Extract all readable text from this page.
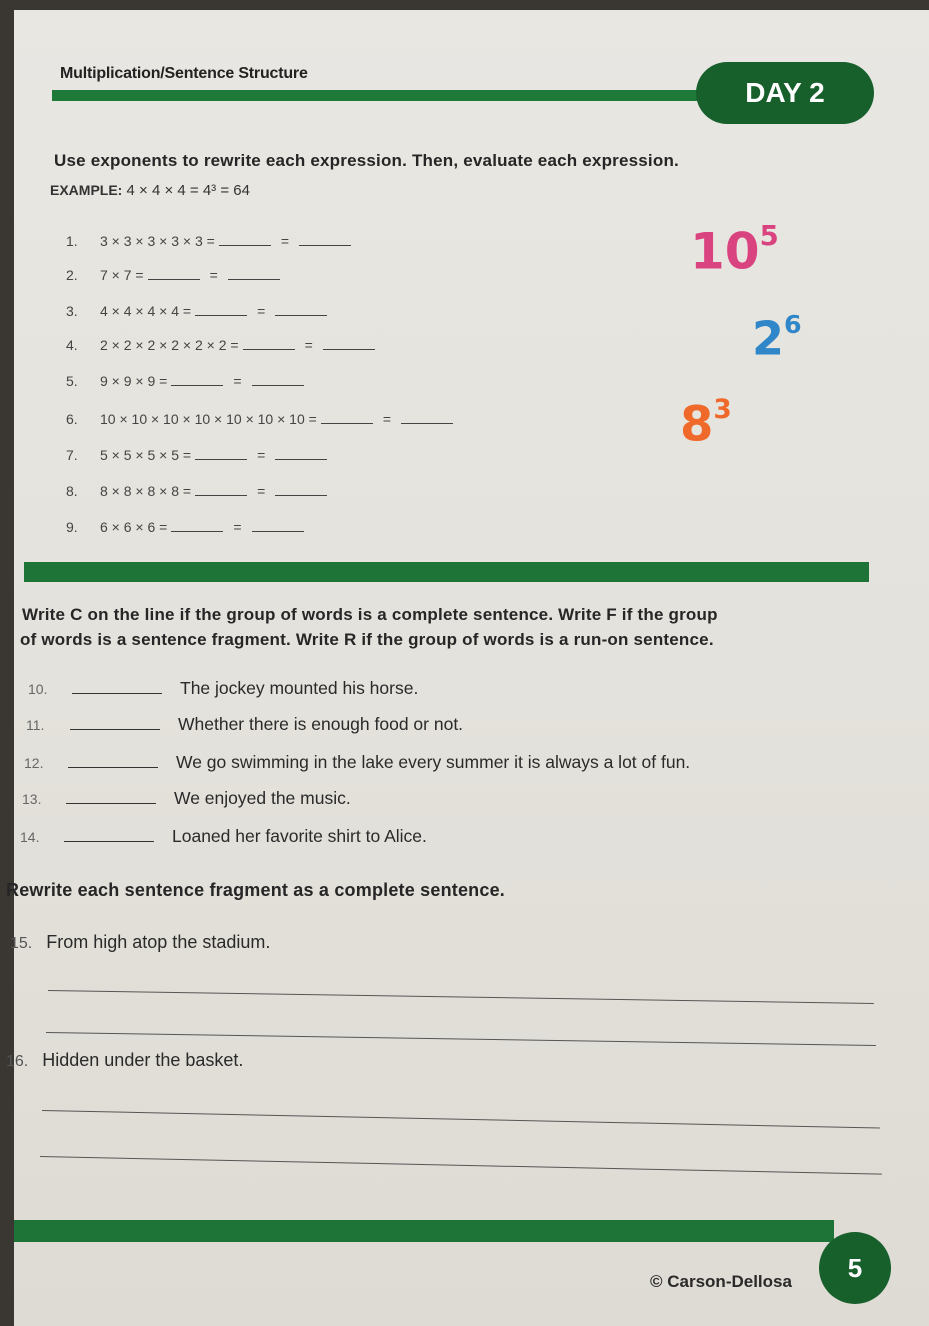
Multiplication/Sentence Structure
DAY 2
Use exponents to rewrite each expression. Then, evaluate each expression.
EXAMPLE: 4 × 4 × 4 = 4³ = 64
1.	3 × 3 × 3 × 3 × 3 =	=
2.	7 × 7 =	=
3.	4 × 4 × 4 × 4 =	=
4.	2 × 2 × 2 × 2 × 2 × 2 =	=
5.	9 × 9 × 9 =	=
6.	10 × 10 × 10 × 10 × 10 × 10 × 10 =	=
7.	5 × 5 × 5 × 5 =	=
8.	8 × 8 × 8 × 8 =	=
9.	6 × 6 × 6 =	=
$10^5$
$2^6$
$8^3$
Write C on the line if the group of words is a complete sentence. Write F if the group
of words is a sentence fragment. Write R if the group of words is a run-on sentence.
10.	The jockey mounted his horse.
11.	Whether there is enough food or not.
12.	We go swimming in the lake every summer it is always a lot of fun.
13.	We enjoyed the music.
14.	Loaned her favorite shirt to Alice.
Rewrite each sentence fragment as a complete sentence.
15. From high atop the stadium.
16. Hidden under the basket.
© Carson-Dellosa	5
